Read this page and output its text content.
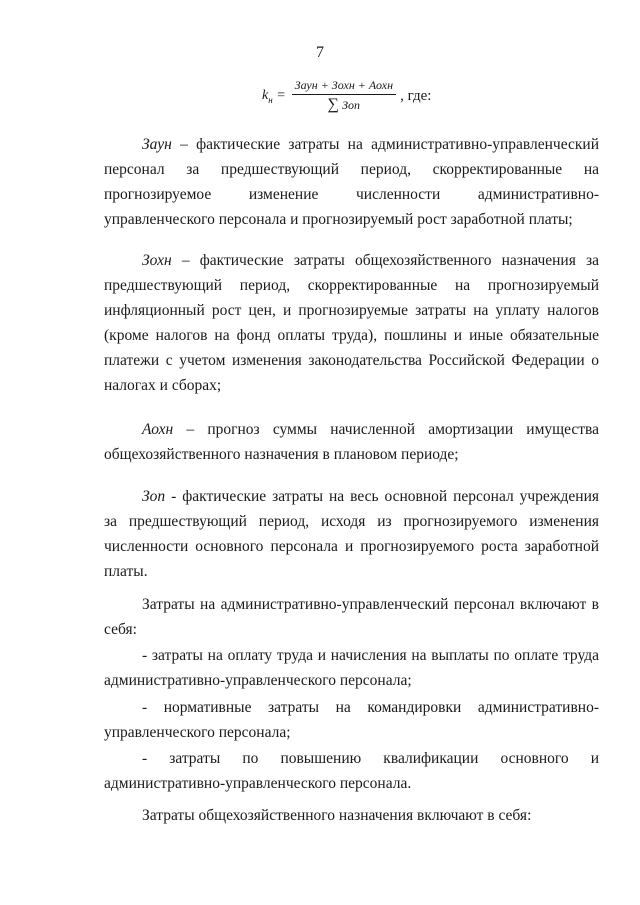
7
$k_н = \frac{\text{Заун + Зохн + Аохн}}{\text{∑ Зоп}}$ , где:

Заун – фактические затраты на административно-управленческий персонал за предшествующий период, скорректированные на прогнозируемое изменение численности административно-управленческого персонала и прогнозируемый рост заработной платы;

Зохн – фактические затраты общехозяйственного назначения за предшествующий период, скорректированные на прогнозируемый инфляционный рост цен, и прогнозируемые затраты на уплату налогов (кроме налогов на фонд оплаты труда), пошлины и иные обязательные платежи с учетом изменения законодательства Российской Федерации о налогах и сборах;

Аохн – прогноз суммы начисленной амортизации имущества общехозяйственного назначения в плановом периоде;

Зоп - фактические затраты на весь основной персонал учреждения за предшествующий период, исходя из прогнозируемого изменения численности основного персонала и прогнозируемого роста заработной платы.

Затраты на административно-управленческий персонал включают в себя:

- затраты на оплату труда и начисления на выплаты по оплате труда административно-управленческого персонала;

- нормативные затраты на командировки административно-управленческого персонала;

- затраты по повышению квалификации основного и административно-управленческого персонала.

Затраты общехозяйственного назначения включают в себя:
